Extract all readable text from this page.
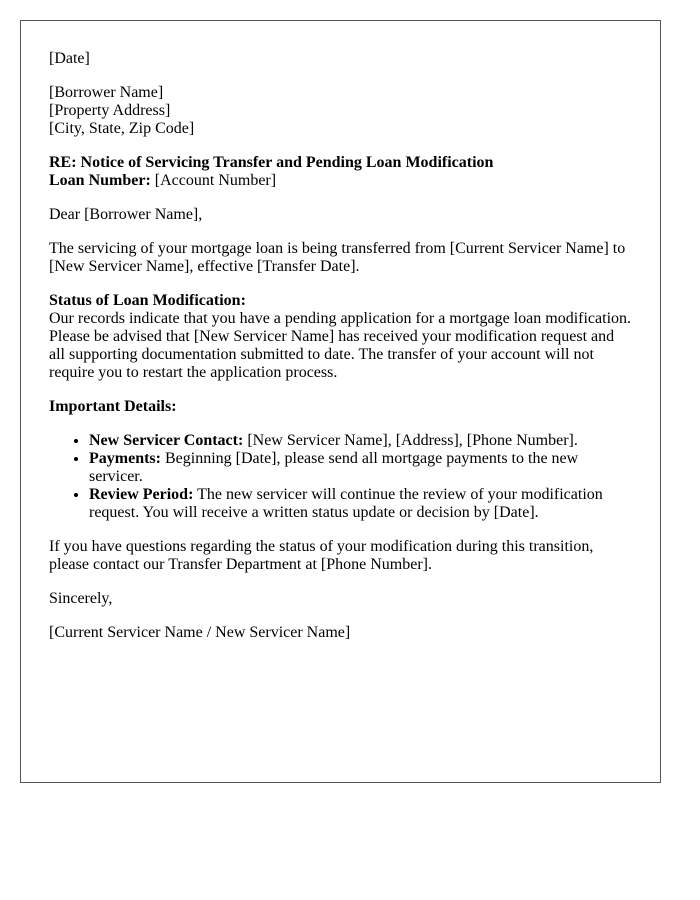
[Date]

[Borrower Name]
[Property Address]
[City, State, Zip Code]

RE: Notice of Servicing Transfer and Pending Loan Modification
Loan Number: [Account Number]

Dear [Borrower Name],

The servicing of your mortgage loan is being transferred from [Current Servicer Name] to [New Servicer Name], effective [Transfer Date].

Status of Loan Modification:
Our records indicate that you have a pending application for a mortgage loan modification. Please be advised that [New Servicer Name] has received your modification request and all supporting documentation submitted to date. The transfer of your account will not require you to restart the application process.

Important Details:

• New Servicer Contact: [New Servicer Name], [Address], [Phone Number].
• Payments: Beginning [Date], please send all mortgage payments to the new servicer.
• Review Period: The new servicer will continue the review of your modification request. You will receive a written status update or decision by [Date].

If you have questions regarding the status of your modification during this transition, please contact our Transfer Department at [Phone Number].

Sincerely,

[Current Servicer Name / New Servicer Name]
